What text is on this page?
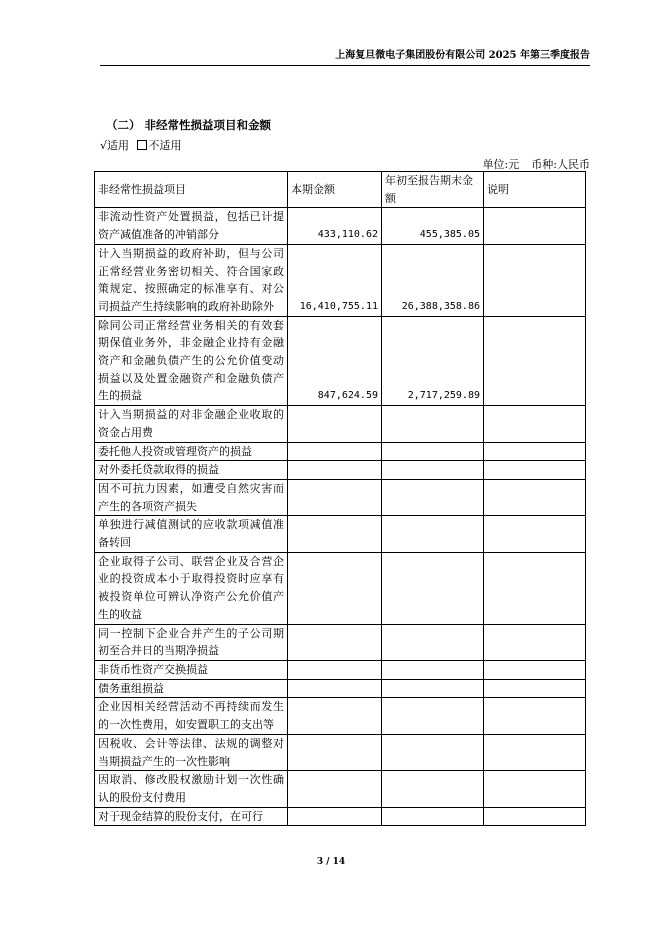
上海复旦微电子集团股份有限公司 2025 年第三季度报告
（二） 非经常性损益项目和金额
√适用 不适用
单位:元 币种:人民币
非经常性损益项目	本期金额	年初至报告期末金额	说明
非流动性资产处置损益，包括已计提资产减值准备的冲销部分	433,110.62	455,385.05	
计入当期损益的政府补助，但与公司正常经营业务密切相关、符合国家政策规定、按照确定的标准享有、对公司损益产生持续影响的政府补助除外	16,410,755.11	26,388,358.86	
除同公司正常经营业务相关的有效套期保值业务外，非金融企业持有金融资产和金融负债产生的公允价值变动损益以及处置金融资产和金融负债产生的损益	847,624.59	2,717,259.89	
计入当期损益的对非金融企业收取的资金占用费			
委托他人投资或管理资产的损益			
对外委托贷款取得的损益			
因不可抗力因素，如遭受自然灾害而产生的各项资产损失			
单独进行减值测试的应收款项减值准备转回			
企业取得子公司、联营企业及合营企业的投资成本小于取得投资时应享有被投资单位可辨认净资产公允价值产生的收益			
同一控制下企业合并产生的子公司期初至合并日的当期净损益			
非货币性资产交换损益			
债务重组损益			
企业因相关经营活动不再持续而发生的一次性费用，如安置职工的支出等			
因税收、会计等法律、法规的调整对当期损益产生的一次性影响			
因取消、修改股权激励计划一次性确认的股份支付费用			
对于现金结算的股份支付，在可行			
3 / 14
